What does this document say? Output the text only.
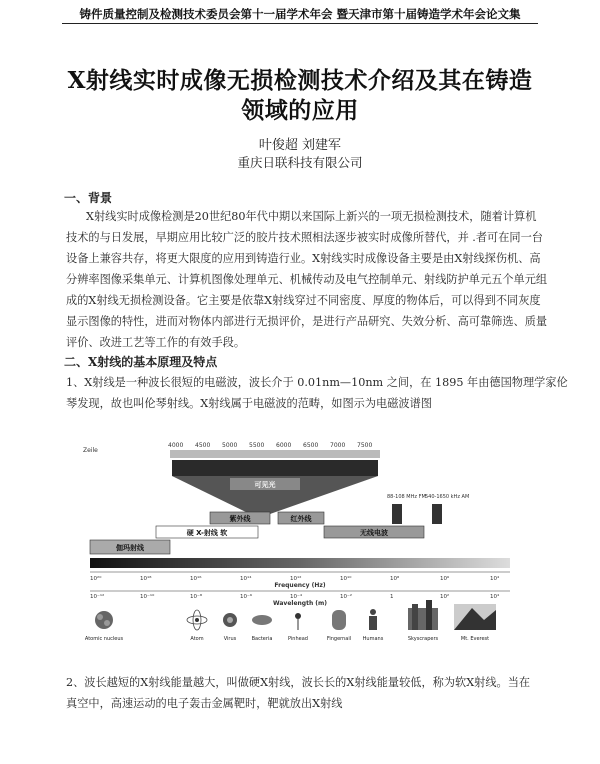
铸件质量控制及检测技术委员会第十一届学术年会 暨天津市第十届铸造学术年会论文集
X射线实时成像无损检测技术介绍及其在铸造
领域的应用
叶俊超 刘建军
重庆日联科技有限公司
一、背景
X射线实时成像检测是20世纪80年代中期以来国际上新兴的一项无损检测技术，随着计算机
技术的与日发展，早期应用比较广泛的胶片技术照相法逐步被实时成像所替代，并 .者可在同一台
设备上兼容共存，将更大限度的应用到铸造行业。X射线实时成像设备主要是由X射线探伤机、高
分辨率图像采集单元、计算机图像处理单元、机械传动及电气控制单元、射线防护单元五个单元组
成的X射线无损检测设备。它主要是依靠X射线穿过不同密度、厚度的物体后，可以得到不同灰度
显示图像的特性，进而对物体内部进行无损评价，是进行产品研究、失效分析、高可靠筛选、质量
评价、改进工艺等工作的有效手段。
二、X射线的基本原理及特点
1、X射线是一种波长很短的电磁波，波长介于 0.01nm—10nm 之间，在 1895 年由德国物理学家伦
琴发现，故也叫伦琴射线。X射线属于电磁波的范畴，如图示为电磁波谱图
Zeile
4000 4500 5000 5500 6000 6500 7000 7500
可见光
紫外线	红外线
硬 X-射线 软	无线电波
伽玛射线
88-108 MHz FM 540-1650 kHz AM
10²⁰	10¹⁸	10¹⁶	10¹⁴	10¹²	10¹⁰	10⁸	10⁶	10⁴
Frequency (Hz)
10⁻¹²	10⁻¹⁰	10⁻⁸	10⁻⁶	10⁻⁴	10⁻²	1	10²	10⁴
Wavelength (m)
Atomic nucleus	Atom	Virus	Bacteria	Pinhead	Fingernail Humans	Skyscrapers	Mt. Everest
2、波长越短的X射线能量越大，叫做硬X射线，波长长的X射线能量较低，称为软X射线。当在
真空中，高速运动的电子轰击金属靶时，靶就放出X射线
